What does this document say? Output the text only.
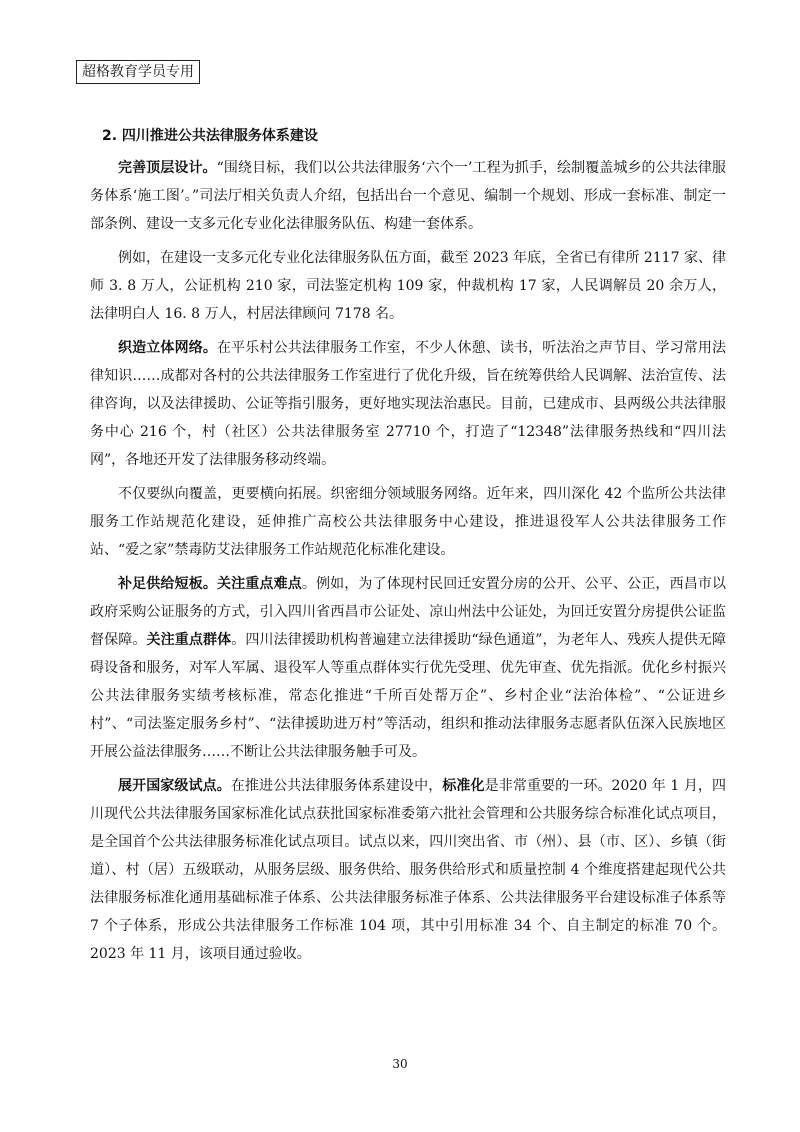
超格教育学员专用
2. 四川推进公共法律服务体系建设

完善顶层设计。“围绕目标，我们以公共法律服务‘六个一’工程为抓手，绘制覆盖城乡的公共法律服务体系‘施工图’。”司法厅相关负责人介绍，包括出台一个意见、编制一个规划、形成一套标准、制定一部条例、建设一支多元化专业化法律服务队伍、构建一套体系。

例如，在建设一支多元化专业化法律服务队伍方面，截至 2023 年底，全省已有律所 2117 家、律师 3. 8 万人，公证机构 210 家，司法鉴定机构 109 家，仲裁机构 17 家，人民调解员 20 余万人，法律明白人 16. 8 万人，村居法律顾问 7178 名。

织造立体网络。在平乐村公共法律服务工作室，不少人休憩、读书，听法治之声节目、学习常用法律知识……成都对各村的公共法律服务工作室进行了优化升级，旨在统筹供给人民调解、法治宣传、法律咨询，以及法律援助、公证等指引服务，更好地实现法治惠民。目前，已建成市、县两级公共法律服务中心 216 个，村（社区）公共法律服务室 27710 个，打造了“12348”法律服务热线和“四川法网”，各地还开发了法律服务移动终端。

不仅要纵向覆盖，更要横向拓展。织密细分领域服务网络。近年来，四川深化 42 个监所公共法律服务工作站规范化建设，延伸推广高校公共法律服务中心建设，推进退役军人公共法律服务工作站、“爱之家”禁毒防艾法律服务工作站规范化标准化建设。

补足供给短板。关注重点难点。例如，为了体现村民回迁安置分房的公开、公平、公正，西昌市以政府采购公证服务的方式，引入四川省西昌市公证处、凉山州法中公证处，为回迁安置分房提供公证监督保障。关注重点群体。四川法律援助机构普遍建立法律援助“绿色通道”，为老年人、残疾人提供无障碍设备和服务，对军人军属、退役军人等重点群体实行优先受理、优先审查、优先指派。优化乡村振兴公共法律服务实绩考核标准，常态化推进“千所百处帮万企”、乡村企业“法治体检”、“公证进乡村”、“司法鉴定服务乡村”、“法律援助进万村”等活动，组织和推动法律服务志愿者队伍深入民族地区开展公益法律服务……不断让公共法律服务触手可及。

展开国家级试点。在推进公共法律服务体系建设中，标准化是非常重要的一环。2020 年 1 月，四川现代公共法律服务国家标准化试点获批国家标准委第六批社会管理和公共服务综合标准化试点项目，是全国首个公共法律服务标准化试点项目。试点以来，四川突出省、市（州）、县（市、区）、乡镇（街道）、村（居）五级联动，从服务层级、服务供给、服务供给形式和质量控制 4 个维度搭建起现代公共法律服务标准化通用基础标准子体系、公共法律服务标准子体系、公共法律服务平台建设标准子体系等 7 个子体系，形成公共法律服务工作标准 104 项，其中引用标准 34 个、自主制定的标准 70 个。2023 年 11 月，该项目通过验收。

30
